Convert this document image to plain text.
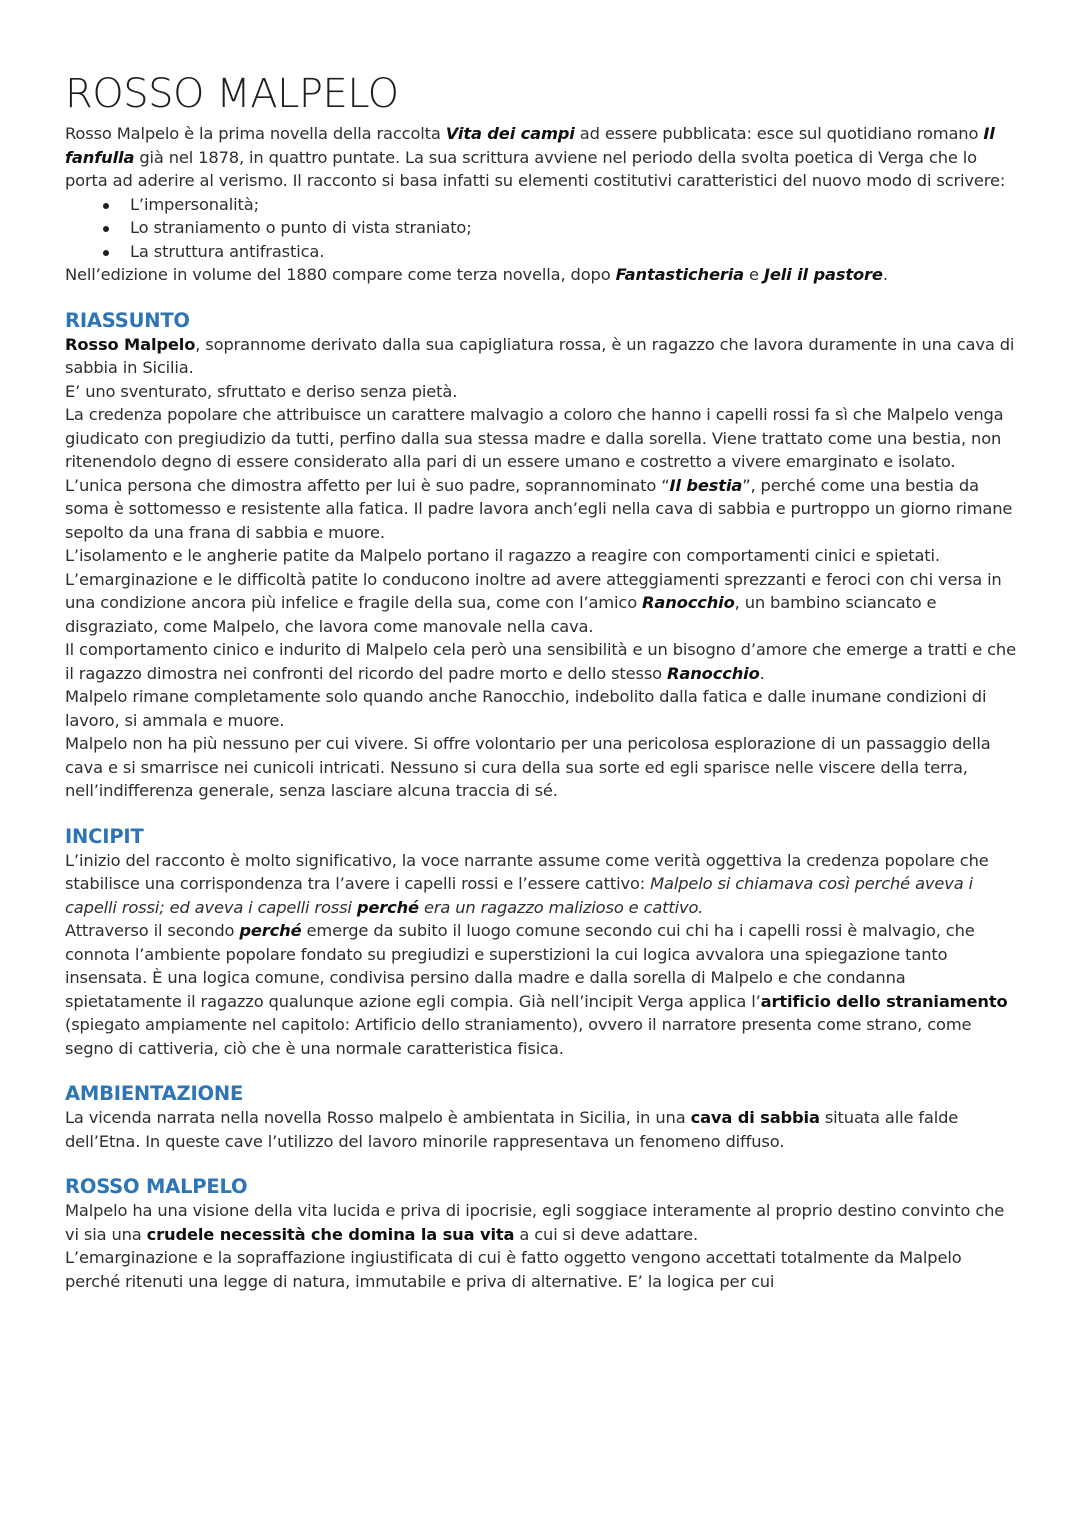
ROSSO MALPELO

Rosso Malpelo è la prima novella della raccolta Vita dei campi ad essere pubblicata: esce sul quotidiano romano Il fanfulla già nel 1878, in quattro puntate. La sua scrittura avviene nel periodo della svolta poetica di Verga che lo porta ad aderire al verismo. Il racconto si basa infatti su elementi costitutivi caratteristici del nuovo modo di scrivere:

L’impersonalità;
Lo straniamento o punto di vista straniato;
La struttura antifrastica.

Nell’edizione in volume del 1880 compare come terza novella, dopo Fantasticheria e Jeli il pastore.

RIASSUNTO

Rosso Malpelo, soprannome derivato dalla sua capigliatura rossa, è un ragazzo che lavora duramente in una cava di sabbia in Sicilia.

E’ uno sventurato, sfruttato e deriso senza pietà.

La credenza popolare che attribuisce un carattere malvagio a coloro che hanno i capelli rossi fa sì che Malpelo venga giudicato con pregiudizio da tutti, perfino dalla sua stessa madre e dalla sorella. Viene trattato come una bestia, non ritenendolo degno di essere considerato alla pari di un essere umano e costretto a vivere emarginato e isolato.

L’unica persona che dimostra affetto per lui è suo padre, soprannominato “Il bestia”, perché come una bestia da soma è sottomesso e resistente alla fatica. Il padre lavora anch’egli nella cava di sabbia e purtroppo un giorno rimane sepolto da una frana di sabbia e muore.

L’isolamento e le angherie patite da Malpelo portano il ragazzo a reagire con comportamenti cinici e spietati. L’emarginazione e le difficoltà patite lo conducono inoltre ad avere atteggiamenti sprezzanti e feroci con chi versa in una condizione ancora più infelice e fragile della sua, come con l’amico Ranocchio, un bambino sciancato e disgraziato, come Malpelo, che lavora come manovale nella cava.

Il comportamento cinico e indurito di Malpelo cela però una sensibilità e un bisogno d’amore che emerge a tratti e che il ragazzo dimostra nei confronti del ricordo del padre morto e dello stesso Ranocchio.

Malpelo rimane completamente solo quando anche Ranocchio, indebolito dalla fatica e dalle inumane condizioni di lavoro, si ammala e muore.

Malpelo non ha più nessuno per cui vivere. Si offre volontario per una pericolosa esplorazione di un passaggio della cava e si smarrisce nei cunicoli intricati. Nessuno si cura della sua sorte ed egli sparisce nelle viscere della terra, nell’indifferenza generale, senza lasciare alcuna traccia di sé.

INCIPIT

L’inizio del racconto è molto significativo, la voce narrante assume come verità oggettiva la credenza popolare che stabilisce una corrispondenza tra l’avere i capelli rossi e l’essere cattivo: Malpelo si chiamava così perché aveva i capelli rossi; ed aveva i capelli rossi perché era un ragazzo malizioso e cattivo.

Attraverso il secondo perché emerge da subito il luogo comune secondo cui chi ha i capelli rossi è malvagio, che connota l’ambiente popolare fondato su pregiudizi e superstizioni la cui logica avvalora una spiegazione tanto insensata. È una logica comune, condivisa persino dalla madre e dalla sorella di Malpelo e che condanna spietatamente il ragazzo qualunque azione egli compia. Già nell’incipit Verga applica l’artificio dello straniamento (spiegato ampiamente nel capitolo: Artificio dello straniamento), ovvero il narratore presenta come strano, come segno di cattiveria, ciò che è una normale caratteristica fisica.

AMBIENTAZIONE

La vicenda narrata nella novella Rosso malpelo è ambientata in Sicilia, in una cava di sabbia situata alle falde dell’Etna. In queste cave l’utilizzo del lavoro minorile rappresentava un fenomeno diffuso.

ROSSO MALPELO

Malpelo ha una visione della vita lucida e priva di ipocrisie, egli soggiace interamente al proprio destino convinto che vi sia una crudele necessità che domina la sua vita a cui si deve adattare.

L’emarginazione e la sopraffazione ingiustificata di cui è fatto oggetto vengono accettati totalmente da Malpelo perché ritenuti una legge di natura, immutabile e priva di alternative. E’ la logica per cui
